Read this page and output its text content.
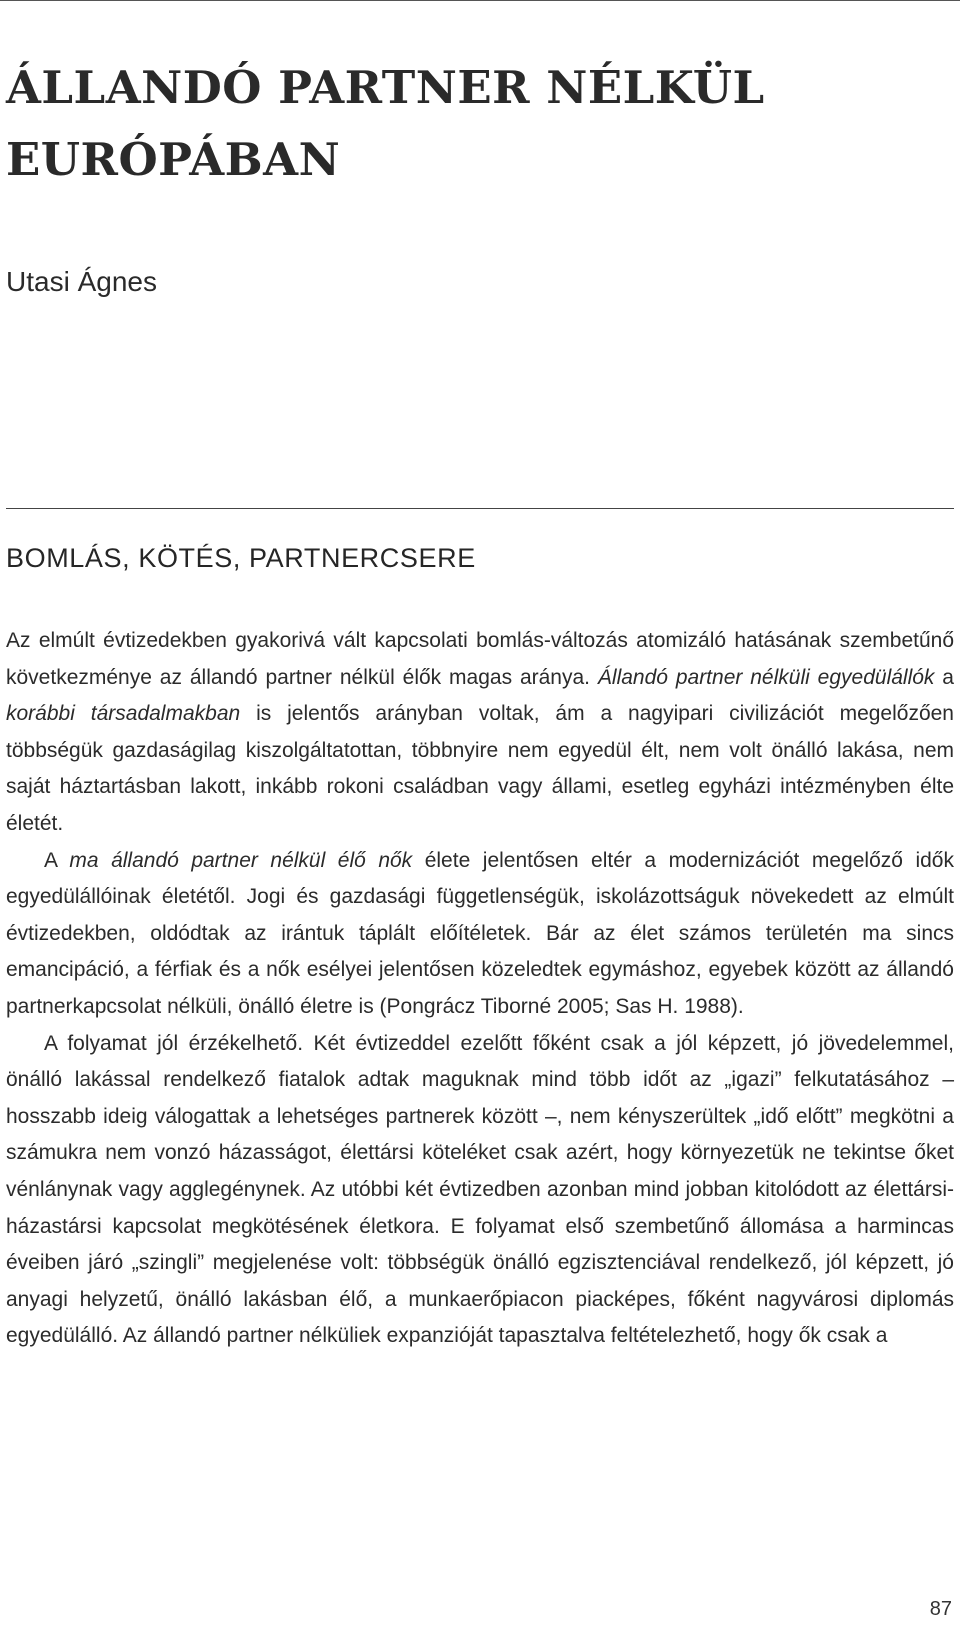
ÁLLANDÓ PARTNER NÉLKÜL
EURÓPÁBAN
Utasi Ágnes
BOMLÁS, KÖTÉS, PARTNERCSERE

Az elmúlt évtizedekben gyakorivá vált kapcsolati bomlás-változás atomizáló hatásának szembetűnő következménye az állandó partner nélkül élők magas aránya. Állandó partner nélküli egyedülállók a korábbi társadalmakban is jelentős arányban voltak, ám a nagyipari civilizációt megelőzően többségük gazdaságilag kiszolgáltatottan, többnyire nem egyedül élt, nem volt önálló lakása, nem saját háztartásban lakott, inkább rokoni családban vagy állami, esetleg egyházi intézményben élte életét.

A ma állandó partner nélkül élő nők élete jelentősen eltér a modernizációt megelőző idők egyedülállóinak életétől. Jogi és gazdasági függetlenségük, iskolázottságuk növekedett az elmúlt évtizedekben, oldódtak az irántuk táplált előítéletek. Bár az élet számos területén ma sincs emancipáció, a férfiak és a nők esélyei jelentősen közeledtek egymáshoz, egyebek között az állandó partnerkapcsolat nélküli, önálló életre is (Pongrácz Tiborné 2005; Sas H. 1988).

A folyamat jól érzékelhető. Két évtizeddel ezelőtt főként csak a jól képzett, jó jövedelemmel, önálló lakással rendelkező fiatalok adtak maguknak mind több időt az „igazi” felkutatásához – hosszabb ideig válogattak a lehetséges partnerek között –, nem kényszerültek „idő előtt” megkötni a számukra nem vonzó házasságot, élettársi köteléket csak azért, hogy környezetük ne tekintse őket vénlánynak vagy agglegénynek. Az utóbbi két évtizedben azonban mind jobban kitolódott az élettársi-házastársi kapcsolat megkötésének életkora. E folyamat első szembetűnő állomása a harmincas éveiben járó „szingli” megjelenése volt: többségük önálló egzisztenciával rendelkező, jól képzett, jó anyagi helyzetű, önálló lakásban élő, a munkaerőpiacon piacképes, főként nagyvárosi diplomás egyedülálló. Az állandó partner nélküliek expanzióját tapasztalva feltételezhető, hogy ők csak a

87
